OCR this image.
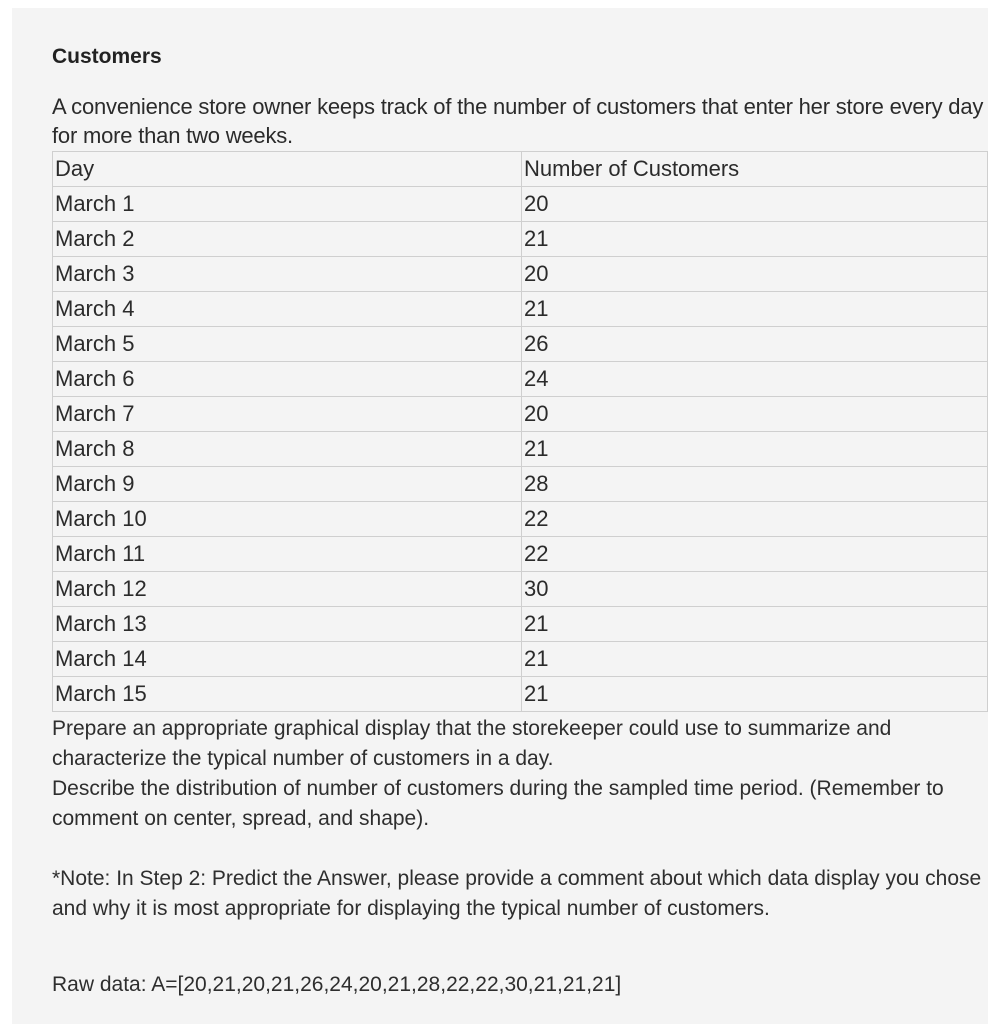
Customers

A convenience store owner keeps track of the number of customers that enter her store every day for more than two weeks.

Day	Number of Customers
March 1	20
March 2	21
March 3	20
March 4	21
March 5	26
March 6	24
March 7	20
March 8	21
March 9	28
March 10	22
March 11	22
March 12	30
March 13	21
March 14	21
March 15	21

Prepare an appropriate graphical display that the storekeeper could use to summarize and characterize the typical number of customers in a day.
Describe the distribution of number of customers during the sampled time period. (Remember to comment on center, spread, and shape).

*Note: In Step 2: Predict the Answer, please provide a comment about which data display you chose and why it is most appropriate for displaying the typical number of customers.

Raw data: A=[20,21,20,21,26,24,20,21,28,22,22,30,21,21,21]
